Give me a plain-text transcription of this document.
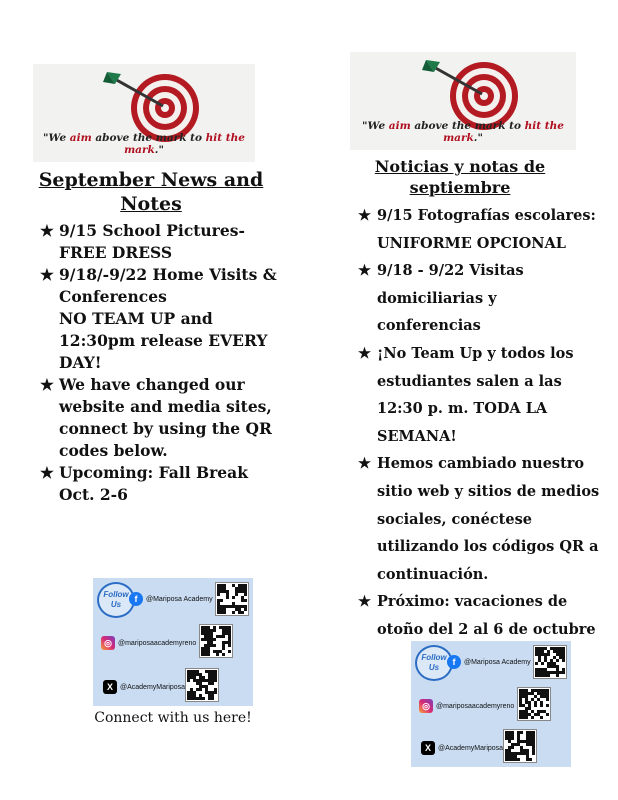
"We aim above the mark to hit the mark."
September News and
Notes
★ 9/15 School Pictures-
FREE DRESS
★ 9/18/-9/22 Home Visits &
Conferences
NO TEAM UP and
12:30pm release EVERY
DAY!
★ We have changed our
website and media sites,
connect by using the QR
codes below.
★ Upcoming: Fall Break
Oct. 2-6
Follow
Us
f	@Mariposa Academy
◎ @mariposaacademyreno
X	@AcademyMariposa
Connect with us here!
"We aim above the mark to hit the mark."
Noticias y notas de
septiembre
★ 9/15 Fotografías escolares:
UNIFORME OPCIONAL
★ 9/18 - 9/22 Visitas
domiciliarias y
conferencias
★ ¡No Team Up y todos los
estudiantes salen a las
12:30 p. m. TODA LA
SEMANA!
★ Hemos cambiado nuestro
sitio web y sitios de medios
sociales, conéctese
utilizando los códigos QR a
continuación.
★ Próximo: vacaciones de
otoño del 2 al 6 de octubre
Follow
Us
f	@Mariposa Academy
◎ @mariposaacademyreno
X	@AcademyMariposa
